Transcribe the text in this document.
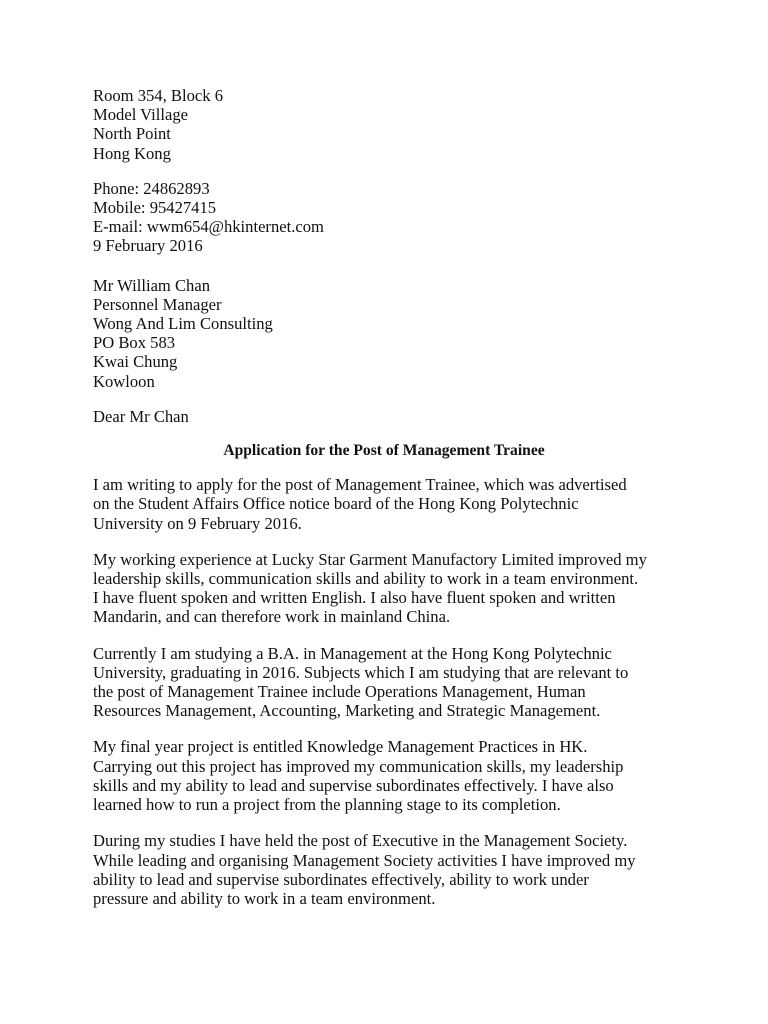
Room 354, Block 6
Model Village
North Point
Hong Kong
Phone: 24862893
Mobile: 95427415
E-mail: wwm654@hkinternet.com
9 February 2016
Mr William Chan
Personnel Manager
Wong And Lim Consulting
PO Box 583
Kwai Chung
Kowloon
Dear Mr Chan
Application for the Post of Management Trainee
I am writing to apply for the post of Management Trainee, which was advertised
on the Student Affairs Office notice board of the Hong Kong Polytechnic
University on 9 February 2016.
My working experience at Lucky Star Garment Manufactory Limited improved my
leadership skills, communication skills and ability to work in a team environment.
I have fluent spoken and written English. I also have fluent spoken and written
Mandarin, and can therefore work in mainland China.
Currently I am studying a B.A. in Management at the Hong Kong Polytechnic
University, graduating in 2016. Subjects which I am studying that are relevant to
the post of Management Trainee include Operations Management, Human
Resources Management, Accounting, Marketing and Strategic Management.
My final year project is entitled Knowledge Management Practices in HK.
Carrying out this project has improved my communication skills, my leadership
skills and my ability to lead and supervise subordinates effectively. I have also
learned how to run a project from the planning stage to its completion.
During my studies I have held the post of Executive in the Management Society.
While leading and organising Management Society activities I have improved my
ability to lead and supervise subordinates effectively, ability to work under
pressure and ability to work in a team environment.
